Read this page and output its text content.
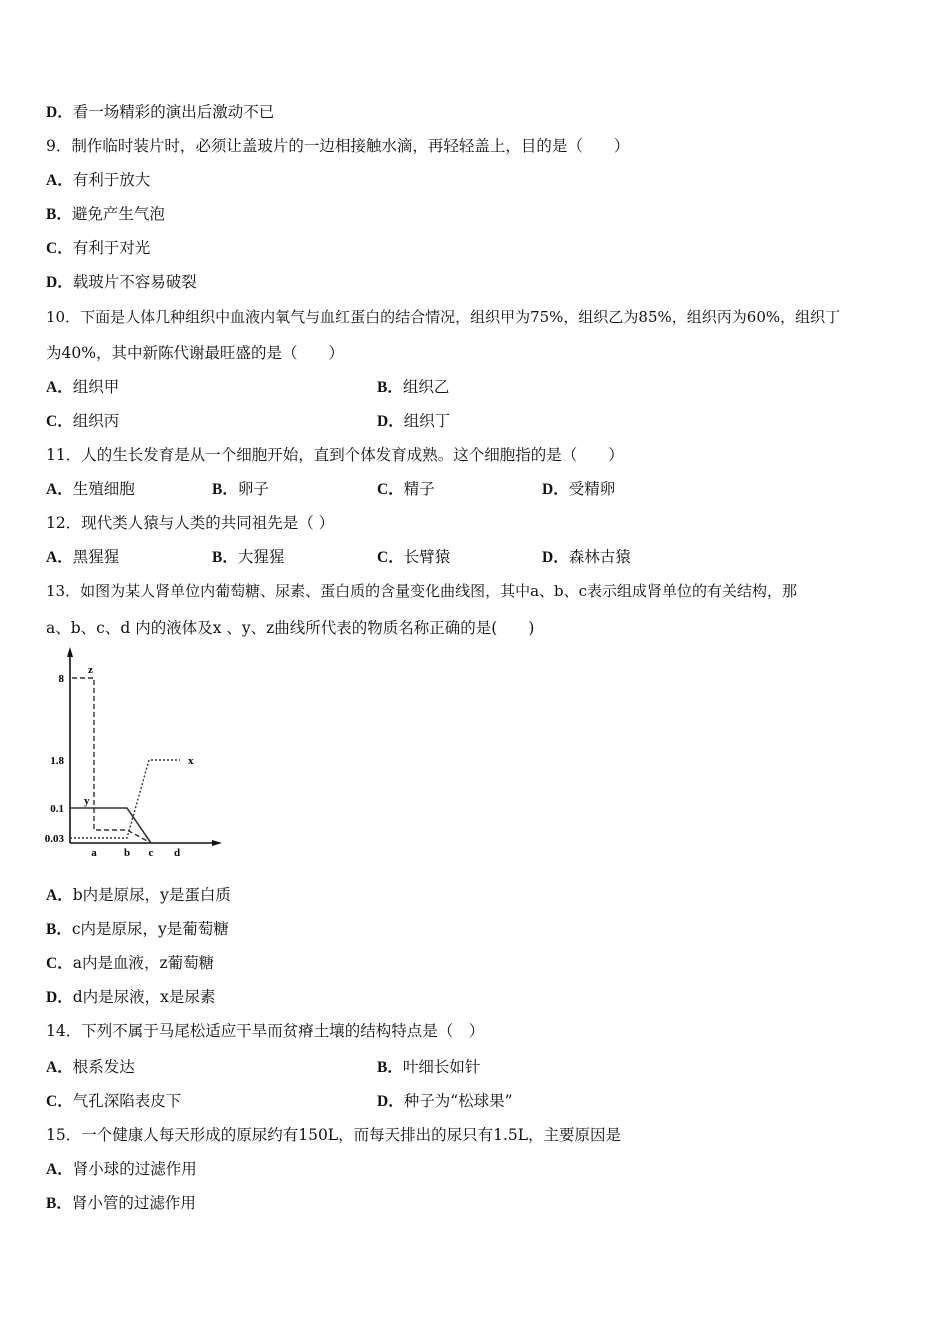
D．看一场精彩的演出后激动不已
9．制作临时装片时，必须让盖玻片的一边相接触水滴，再轻轻盖上，目的是（　　）
A．有利于放大
B．避免产生气泡
C．有利于对光
D．载玻片不容易破裂
10．下面是人体几种组织中血液内氧气与血红蛋白的结合情况，组织甲为75%，组织乙为85%，组织丙为60%，组织丁
为40%，其中新陈代谢最旺盛的是（　　）
A．组织甲	B．组织乙
C．组织丙	D．组织丁
11．人的生长发育是从一个细胞开始，直到个体发育成熟。这个细胞指的是（　　）
A．生殖细胞	B．卵子	C．精子	D．受精卵
12．现代类人猿与人类的共同祖先是（ ）
A．黑猩猩	B．大猩猩	C．长臂猿	D．森林古猿
13．如图为某人肾单位内葡萄糖、尿素、蛋白质的含量变化曲线图，其中a、b、c表示组成肾单位的有关结构，那
a、b、c、d 内的液体及x 、y、z曲线所代表的物质名称正确的是(　　)
0.03
0.1
1.8
8
a b c d
z
y
x
A．b内是原尿，y是蛋白质
B．c内是原尿，y是葡萄糖
C．a内是血液，z葡萄糖
D．d内是尿液，x是尿素
14．下列不属于马尾松适应干旱而贫瘠土壤的结构特点是（　）
A．根系发达	B．叶细长如针
C．气孔深陷表皮下	D．种子为“松球果”
15．一个健康人每天形成的原尿约有150L，而每天排出的尿只有1.5L，主要原因是
A．肾小球的过滤作用
B．肾小管的过滤作用
